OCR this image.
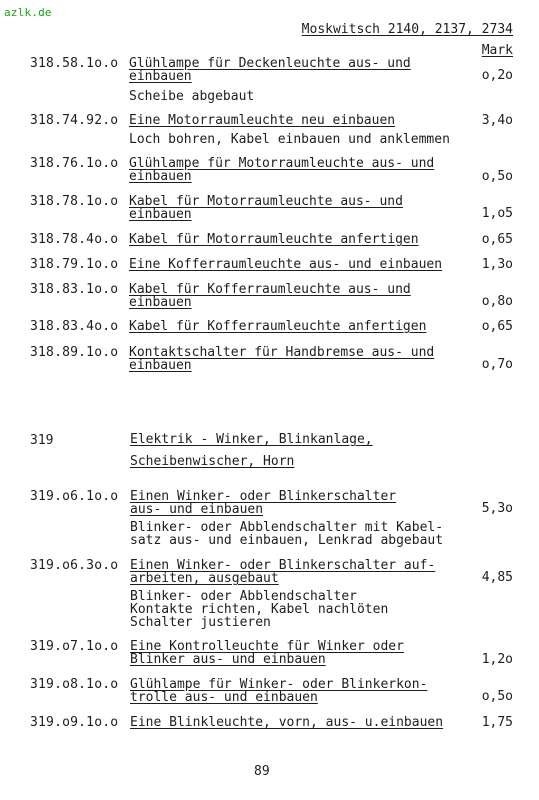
azlk.de
Moskwitsch 2140, 2137, 2734
Mark
318.58.1o.o Glühlampe für Deckenleuchte aus- und
einbauen
Scheibe abgebaut
o,2o
318.74.92.o Eine Motorraumleuchte neu einbauen
Loch bohren, Kabel einbauen und anklemmen
3,4o
318.76.1o.o Glühlampe für Motorraumleuchte aus- und
einbauen	o,5o
318.78.1o.o Kabel für Motorraumleuchte aus- und
einbauen	1,o5
318.78.4o.o Kabel für Motorraumleuchte anfertigen	o,65
318.79.1o.o Eine Kofferraumleuchte aus- und einbauen	1,3o
318.83.1o.o Kabel für Kofferraumleuchte aus- und
einbauen	o,8o
318.83.4o.o Kabel für Kofferraumleuchte anfertigen	o,65
318.89.1o.o Kontaktschalter für Handbremse aus- und
einbauen	o,7o
319	Elektrik - Winker, Blinkanlage,
Scheibenwischer, Horn
319.o6.1o.o Einen Winker- oder Blinkerschalter
aus- und einbauen
Blinker- oder Abblendschalter mit Kabel-
satz aus- und einbauen, Lenkrad abgebaut
5,3o
319.o6.3o.o Einen Winker- oder Blinkerschalter auf-
arbeiten, ausgebaut
Blinker- oder Abblendschalter
Kontakte richten, Kabel nachlöten
Schalter justieren
4,85
319.o7.1o.o Eine Kontrolleuchte für Winker oder
Blinker aus- und einbauen	1,2o
319.o8.1o.o Glühlampe für Winker- oder Blinkerkon-
trolle aus- und einbauen	o,5o
319.o9.1o.o Eine Blinkleuchte, vorn, aus- u.einbauen	1,75
89
